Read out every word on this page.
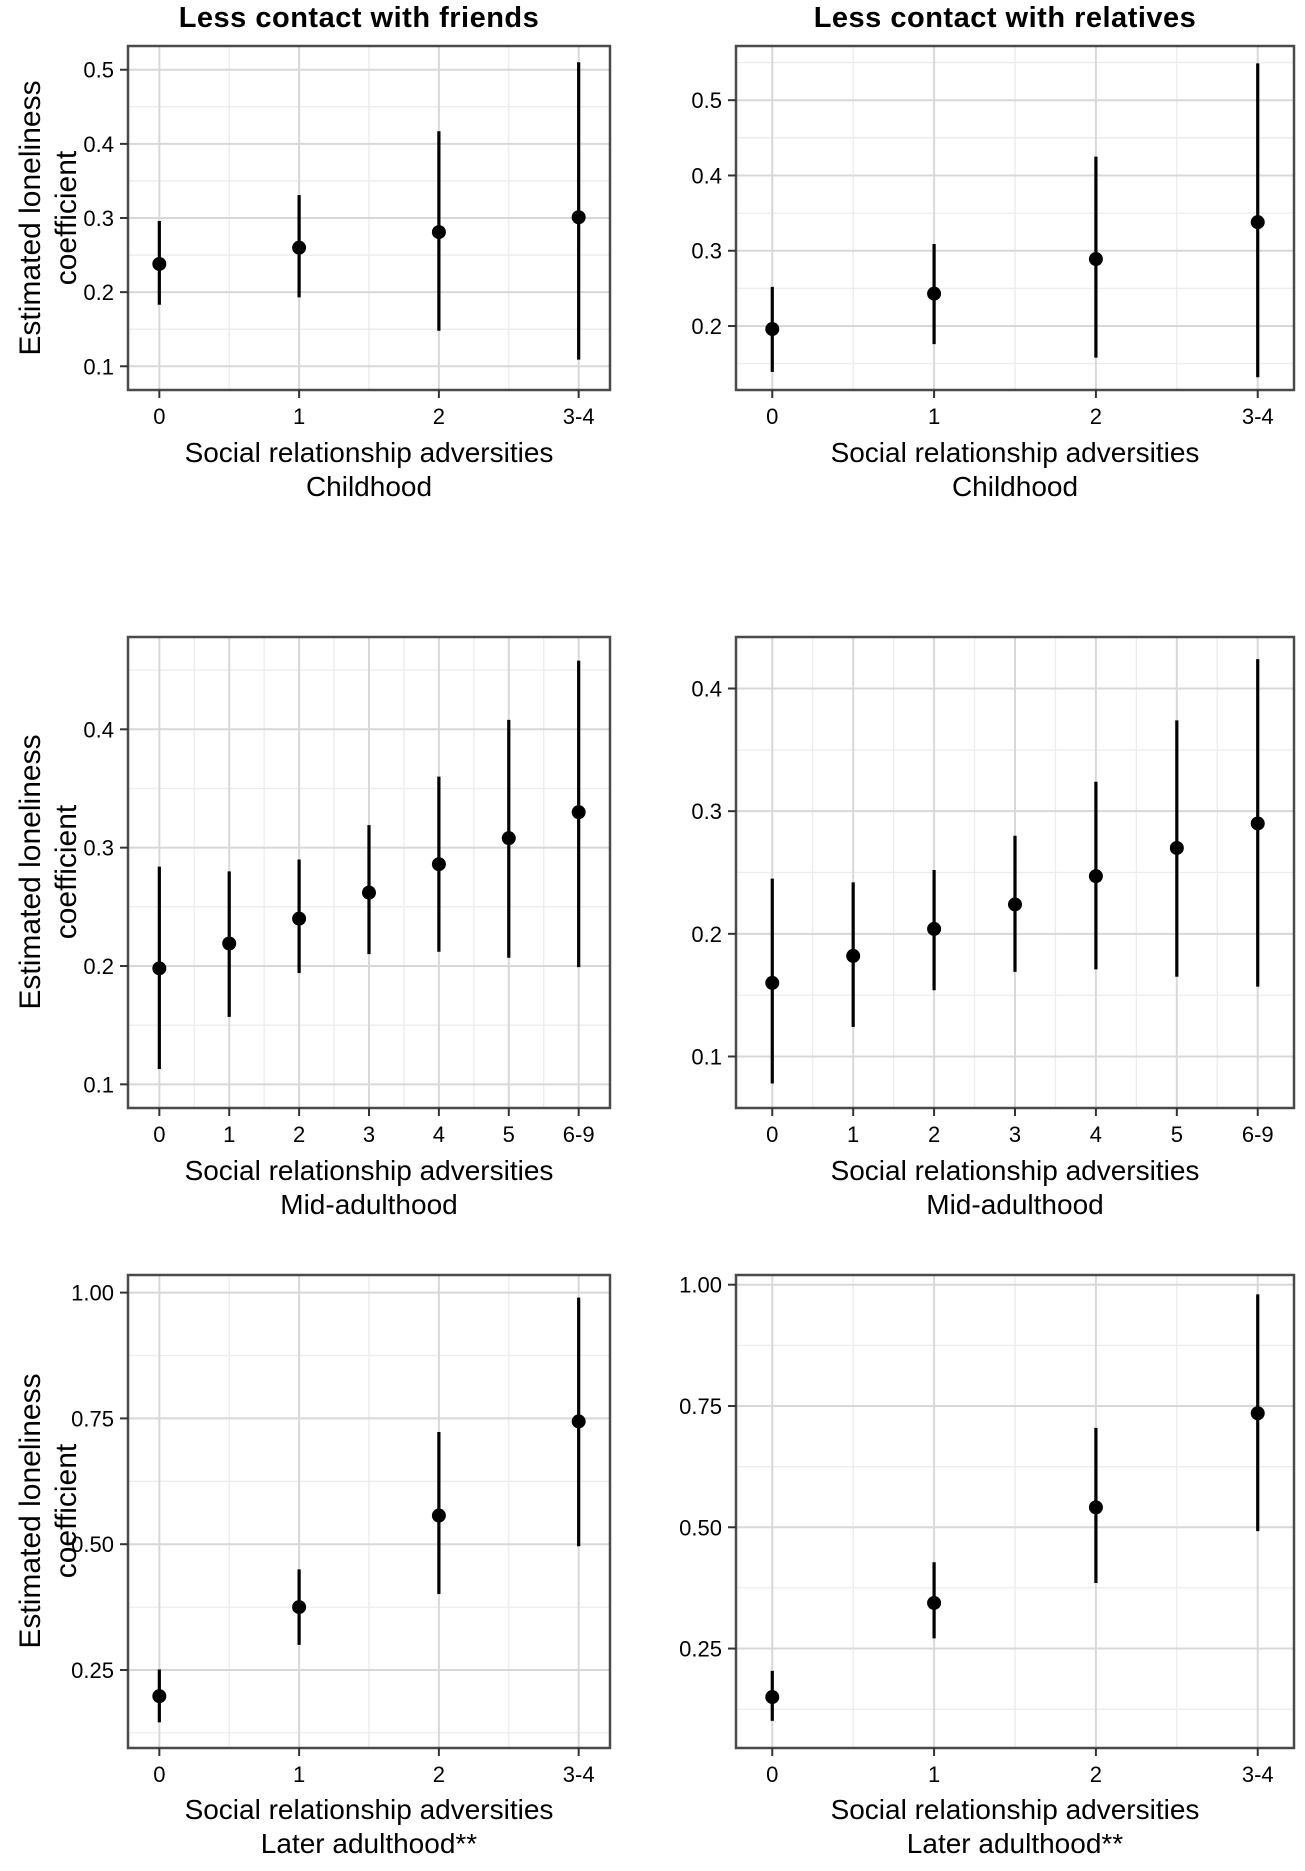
Less contact with friends	Less contact with relatives
Estimated loneliness coefficient
Estimated loneliness coefficient
Estimated loneliness coefficient
Social relationship adversities
Childhood
Social relationship adversities
Childhood
Social relationship adversities
Mid-adulthood
Social relationship adversities
Mid-adulthood
Social relationship adversities
Later adulthood**
Social relationship adversities
Later adulthood**
0.1
0.2
0.3
0.4
0.5
0	1	2	3-4
0.2
0.3
0.4
0.5
0	1	2	3-4
0.1
0.2
0.3
0.4
0	1	2	3	4	5 6-9
0.1
0.2
0.3
0.4
0	1	2	3	4	5	6-9
0.25
0.50
0.75
1.00
0	1	2	3-4
0.25
0.50
0.75
1.00
0	1	2	3-4
